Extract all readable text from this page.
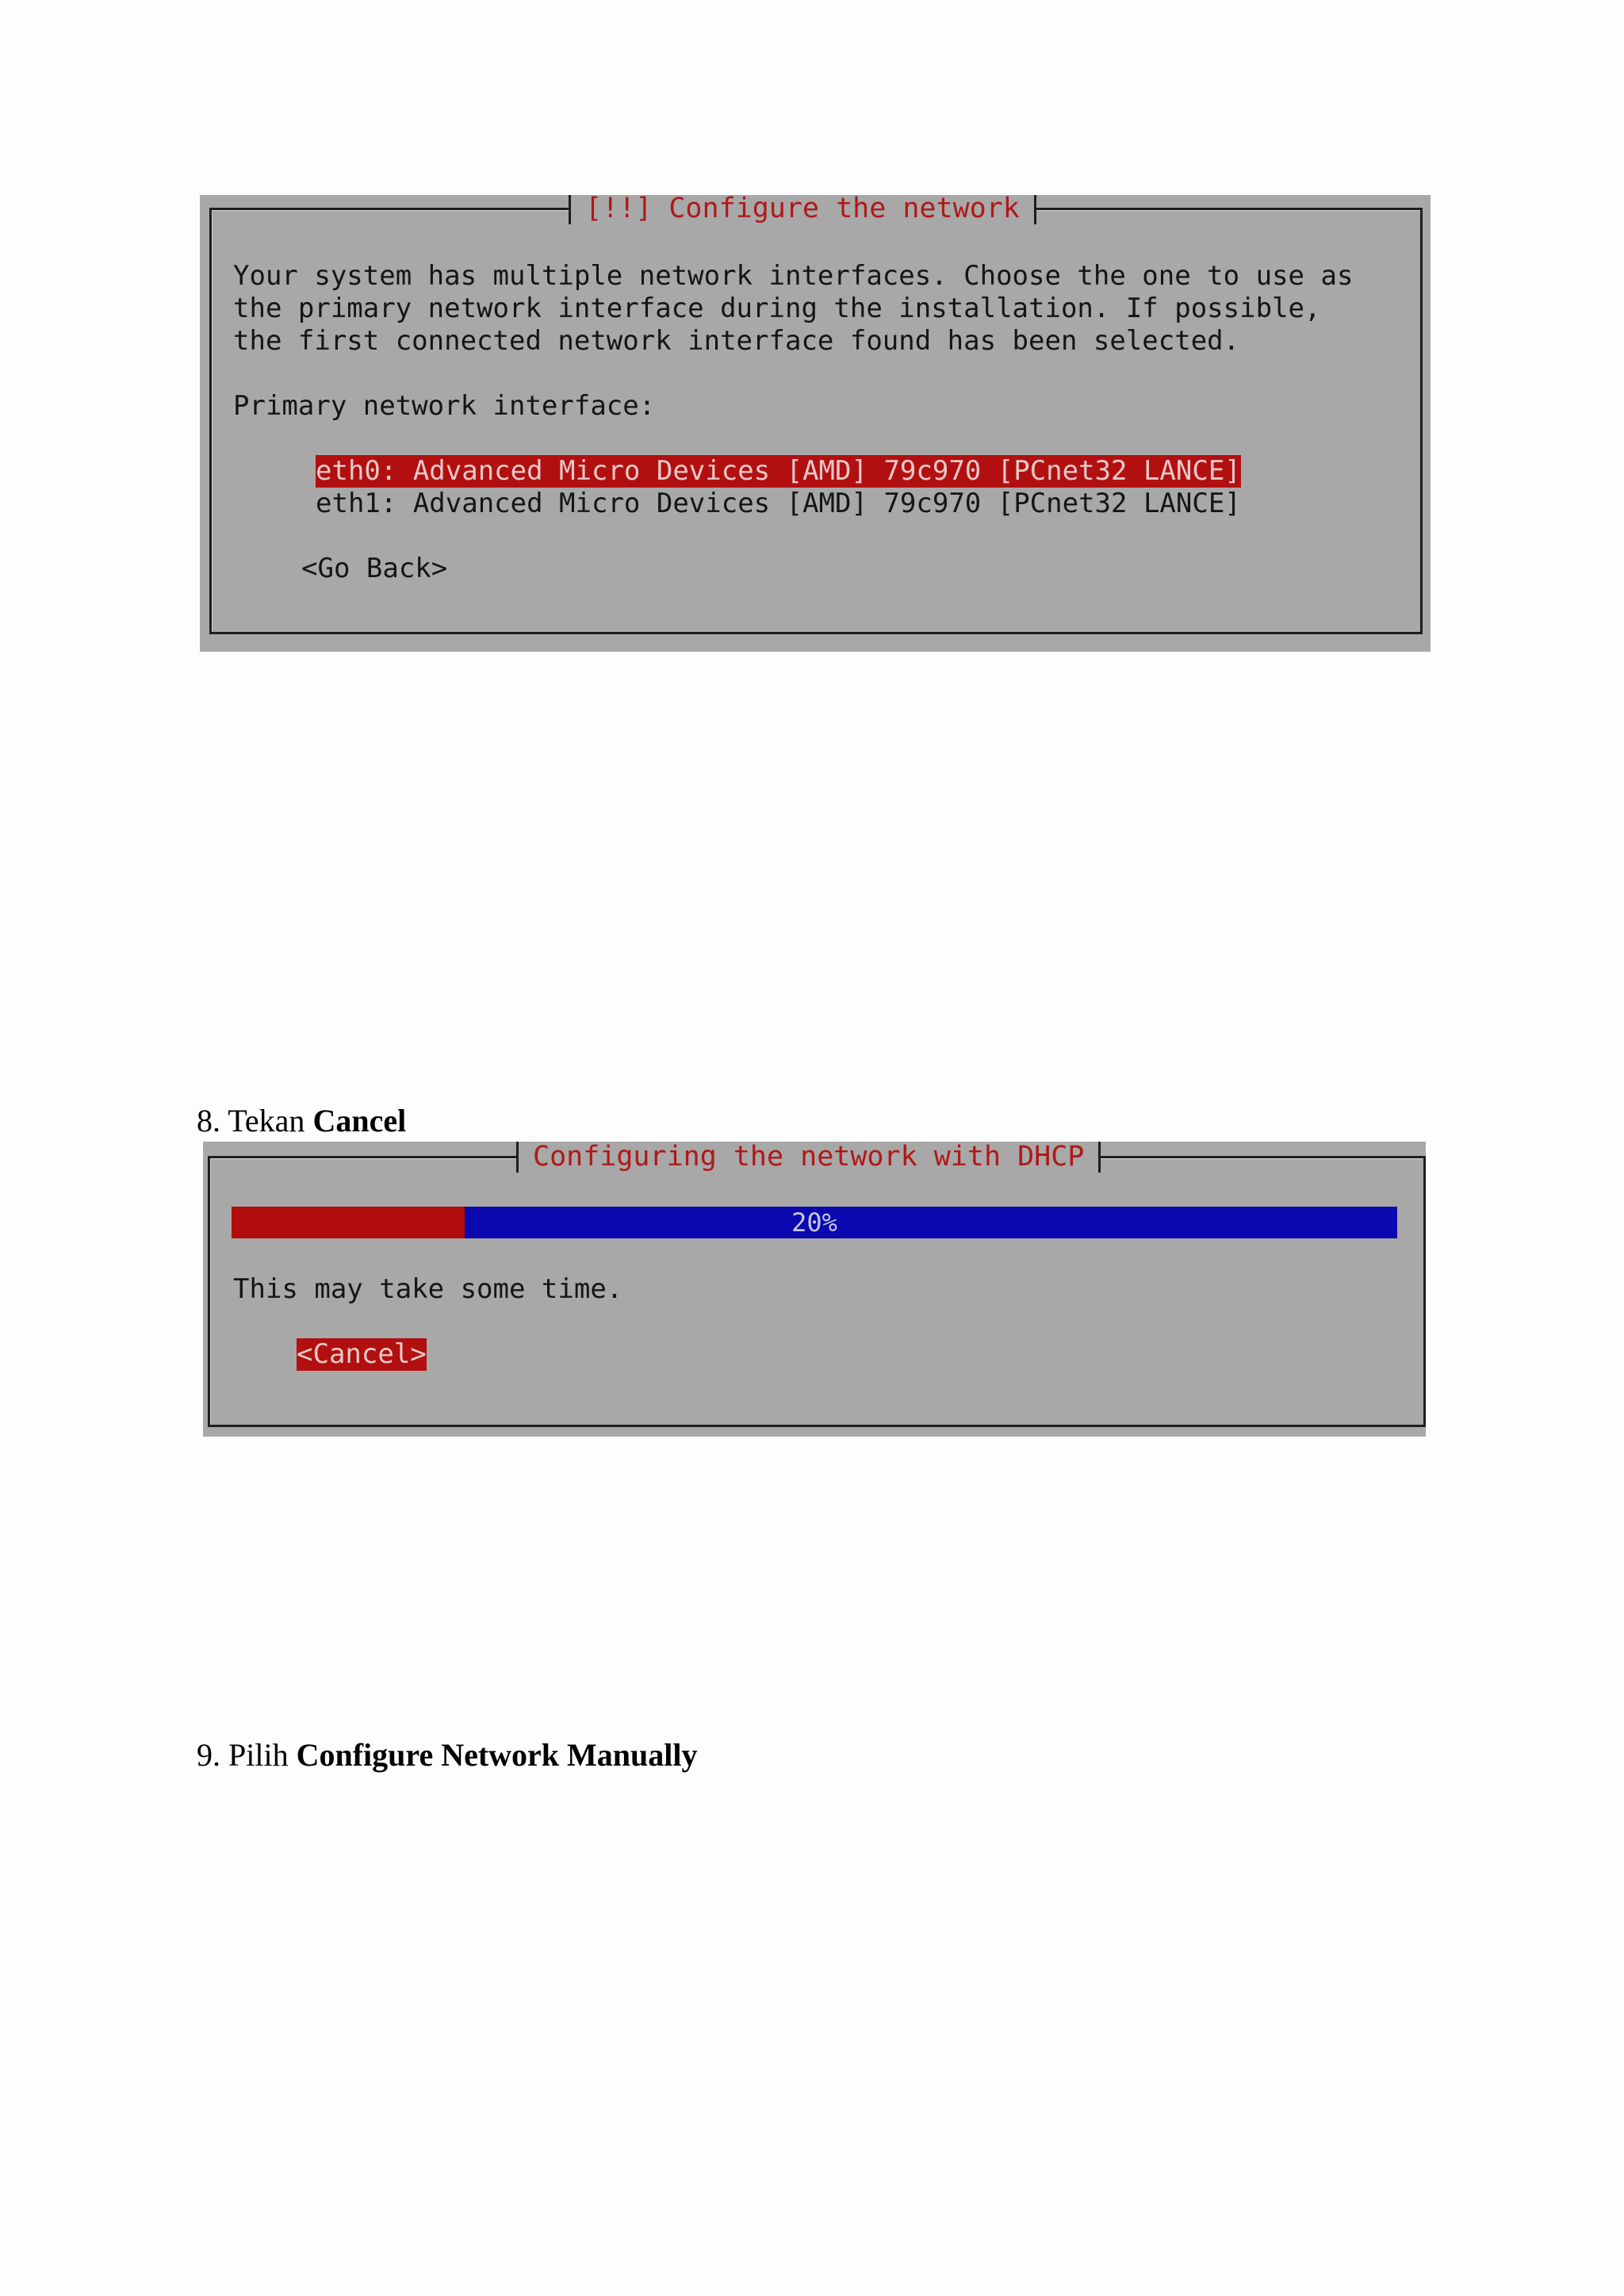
[!!] Configure the network
Your system has multiple network interfaces. Choose the one to use as
the primary network interface during the installation. If possible,
the first connected network interface found has been selected.
Primary network interface:
eth0: Advanced Micro Devices [AMD] 79c970 [PCnet32 LANCE]
eth1: Advanced Micro Devices [AMD] 79c970 [PCnet32 LANCE]
<Go Back>
8. Tekan Cancel
Configuring the network with DHCP
20%
This may take some time.
<Cancel>
9. Pilih Configure Network Manually
